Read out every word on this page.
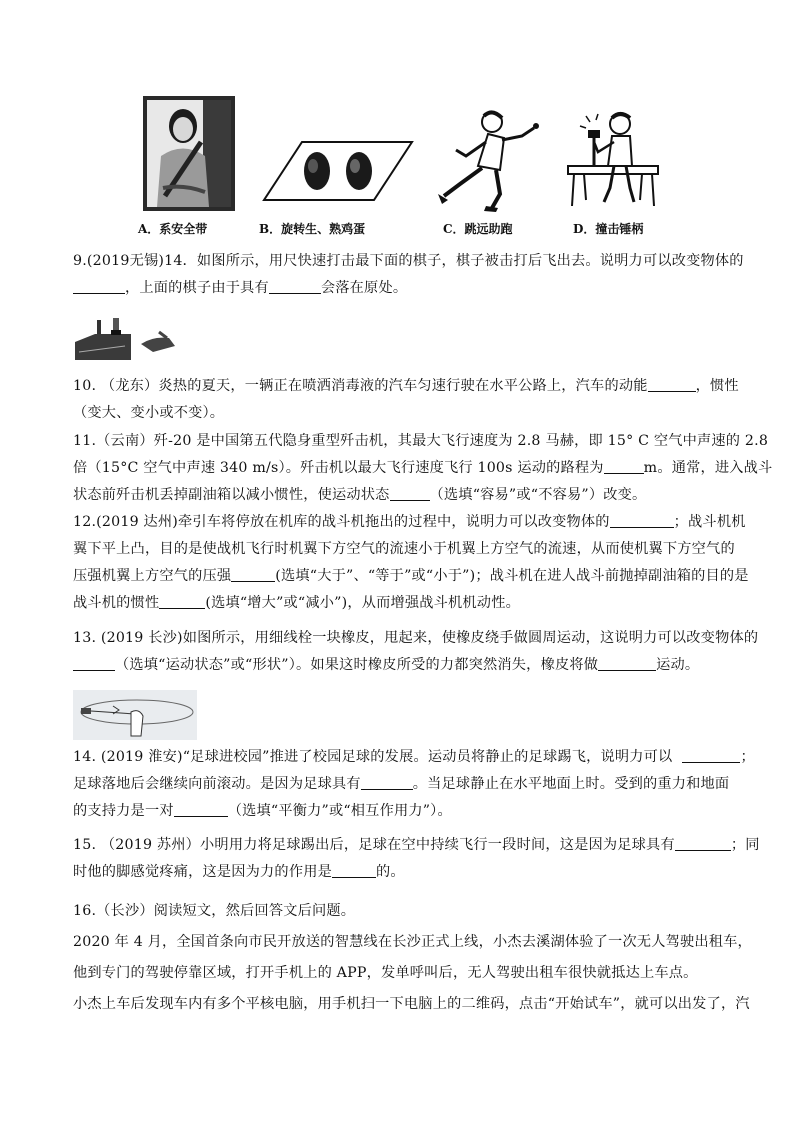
A．系安全带	B．旋转生、熟鸡蛋	C．跳远助跑	D．撞击锤柄
9.(2019无锡)14．如图所示，用尺快速打击最下面的棋子，棋子被击打后飞出去。说明力可以改变物体的
，上面的棋子由于具有	会落在原处。
10. （龙东）炎热的夏天，一辆正在喷洒消毒液的汽车匀速行驶在水平公路上，汽车的动能	，惯性
（变大、变小或不变）。
11.（云南）歼-20 是中国第五代隐身重型歼击机，其最大飞行速度为 2.8 马赫，即 15° C 空气中声速的 2.8
倍（15°C 空气中声速 340 m/s）。歼击机以最大飞行速度飞行 100s 运动的路程为	m。通常，进入战斗
状态前歼击机丢掉副油箱以减小惯性，使运动状态	（选填“容易”或“不容易”）改变。
12.(2019 达州)牵引车将停放在机库的战斗机拖出的过程中，说明力可以改变物体的	；战斗机机
翼下平上凸，目的是使战机飞行时机翼下方空气的流速小于机翼上方空气的流速，从而使机翼下方空气的
压强机翼上方空气的压强	(选填“大于”、“等于”或“小于”)；战斗机在进人战斗前抛掉副油箱的目的是
战斗机的惯性	(选填“增大”或“减小”)，从而增强战斗机机动性。
13. (2019 长沙)如图所示，用细线栓一块橡皮，甩起来，使橡皮绕手做圆周运动，这说明力可以改变物体的
（选填“运动状态”或“形状”）。如果这时橡皮所受的力都突然消失，橡皮将做	运动。
14. (2019 淮安)“足球进校园”推进了校园足球的发展。运动员将静止的足球踢飞，说明力可以	；
足球落地后会继续向前滚动。是因为足球具有	。当足球静止在水平地面上时。受到的重力和地面
的支持力是一对	（选填“平衡力”或“相互作用力”）。
15. （2019 苏州）小明用力将足球踢出后，足球在空中持续飞行一段时间，这是因为足球具有	；同
时他的脚感觉疼痛，这是因为力的作用是	的。
16.（长沙）阅读短文，然后回答文后问题。
2020 年 4 月，全国首条向市民开放送的智慧线在长沙正式上线，小杰去溪湖体验了一次无人驾驶出租车，
他到专门的驾驶停靠区域，打开手机上的 APP，发单呼叫后，无人驾驶出租车很快就抵达上车点。
小杰上车后发现车内有多个平核电脑，用手机扫一下电脑上的二维码，点击“开始试车”，就可以出发了，汽
